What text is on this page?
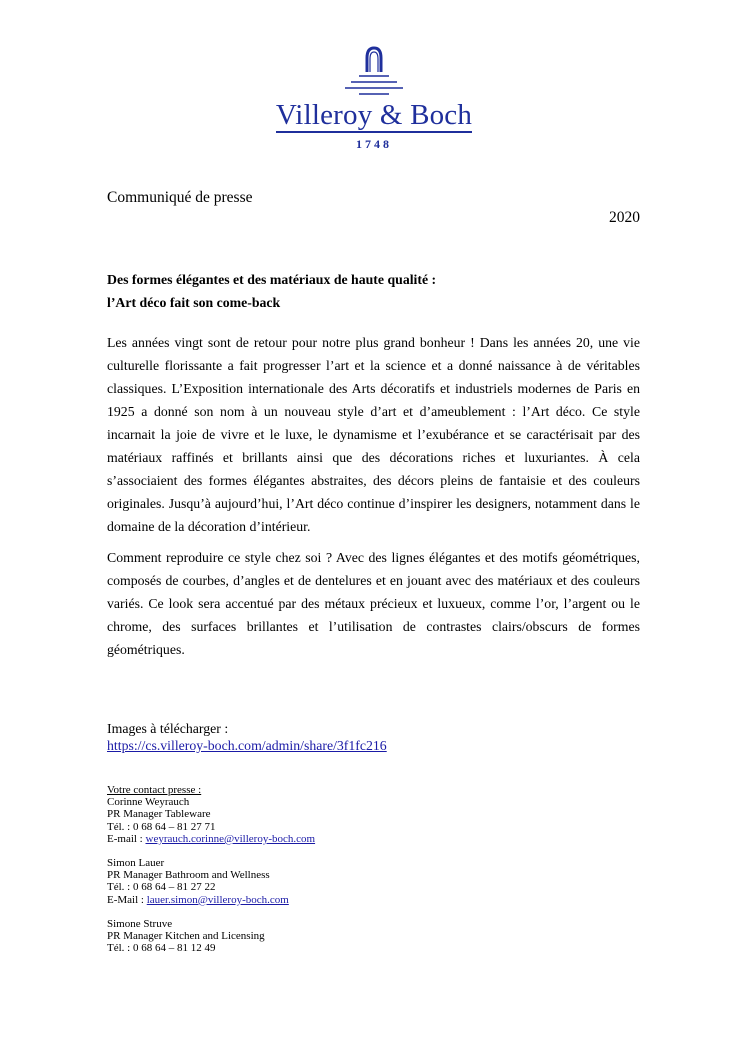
Villeroy & Boch
1748
Communiqué de presse
2020
Des formes élégantes et des matériaux de haute qualité :
l’Art déco fait son come-back

Les années vingt sont de retour pour notre plus grand bonheur ! Dans les années 20, une vie culturelle florissante a fait progresser l’art et la science et a donné naissance à de véritables classiques. L’Exposition internationale des Arts décoratifs et industriels modernes de Paris en 1925 a donné son nom à un nouveau style d’art et d’ameublement : l’Art déco. Ce style incarnait la joie de vivre et le luxe, le dynamisme et l’exubérance et se caractérisait par des matériaux raffinés et brillants ainsi que des décorations riches et luxuriantes. À cela s’associaient des formes élégantes abstraites, des décors pleins de fantaisie et des couleurs originales. Jusqu’à aujourd’hui, l’Art déco continue d’inspirer les designers, notamment dans le domaine de la décoration d’intérieur.

Comment reproduire ce style chez soi ? Avec des lignes élégantes et des motifs géométriques, composés de courbes, d’angles et de dentelures et en jouant avec des matériaux et des couleurs variés. Ce look sera accentué par des métaux précieux et luxueux, comme l’or, l’argent ou le chrome, des surfaces brillantes et l’utilisation de contrastes clairs/obscurs de formes géométriques.

Images à télécharger :
https://cs.villeroy-boch.com/admin/share/3f1fc216
Votre contact presse :
Corinne Weyrauch
PR Manager Tableware
Tél. : 0 68 64 – 81 27 71
E-mail : weyrauch.corinne@villeroy-boch.com
Simon Lauer
PR Manager Bathroom and Wellness
Tél. : 0 68 64 – 81 27 22
E-Mail : lauer.simon@villeroy-boch.com
Simone Struve
PR Manager Kitchen and Licensing
Tél. : 0 68 64 – 81 12 49
